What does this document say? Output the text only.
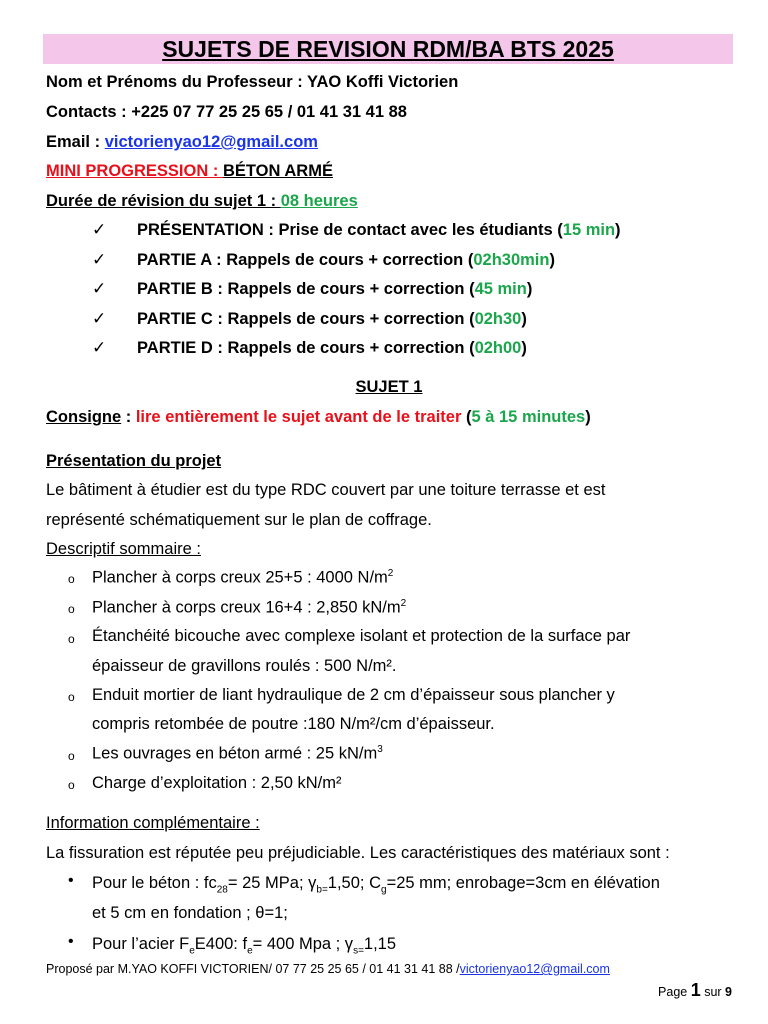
SUJETS DE REVISION RDM/BA BTS 2025
Nom et Prénoms du Professeur : YAO Koffi Victorien
Contacts : +225 07 77 25 25 65 / 01 41 31 41 88
Email : victorienyao12@gmail.com
MINI PROGRESSION : BÉTON ARMÉ
Durée de révision du sujet 1 : 08 heures
✓ PRÉSENTATION : Prise de contact avec les étudiants (15 min)
✓ PARTIE A : Rappels de cours + correction (02h30min)
✓ PARTIE B : Rappels de cours + correction (45 min)
✓ PARTIE C : Rappels de cours + correction (02h30)
✓ PARTIE D : Rappels de cours + correction (02h00)
SUJET 1
Consigne : lire entièrement le sujet avant de le traiter (5 à 15 minutes)
Présentation du projet
Le bâtiment à étudier est du type RDC couvert par une toiture terrasse et est
représenté schématiquement sur le plan de coffrage.
Descriptif sommaire :
o Plancher à corps creux 25+5 : 4000 $N/m^2$
o Plancher à corps creux 16+4 : 2,850 $kN/m^2$
o Étanchéité bicouche avec complexe isolant et protection de la surface par
épaisseur de gravillons roulés : 500 N/m².
o Enduit mortier de liant hydraulique de 2 cm d’épaisseur sous plancher y
compris retombée de poutre :180 N/m²/cm d’épaisseur.
o Les ouvrages en béton armé : 25 $kN/m^3$
o Charge d’exploitation : 2,50 kN/m²
Information complémentaire :
La fissuration est réputée peu préjudiciable. Les caractéristiques des matériaux sont :
• Pour le béton : $fc_{28}= 25$ MPa; $\gamma_{b=}1,50$; $C_g=25$ mm; enrobage=3cm en élévation
et 5 cm en fondation ; θ=1;
• Pour l’acier $F_eE400$: $f_e= 400$ Mpa ; $\gamma_{s=}1,15$
Proposé par M.YAO KOFFI VICTORIEN/ 07 77 25 25 65 / 01 41 31 41 88 /victorienyao12@gmail.com
Page 1 sur 9
